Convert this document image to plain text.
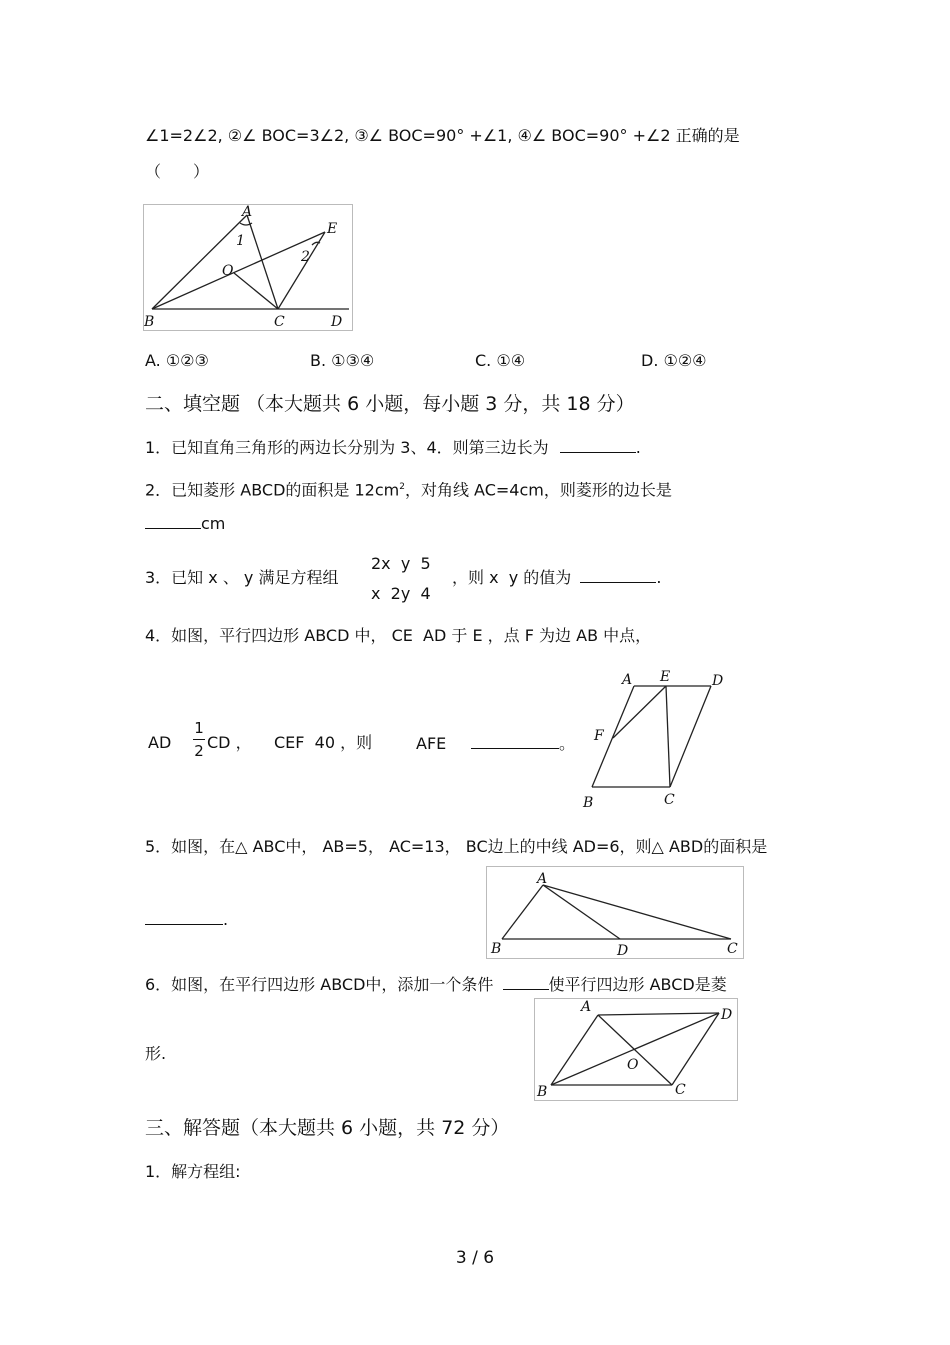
∠1=2∠2, ②∠ BOC=3∠2, ③∠ BOC=90° +∠1, ④∠ BOC=90° +∠2 正确的是
（　　）
A
E
O
1
2
B	C	D
A. ①②③	B. ①③④	C. ①④	D. ①②④
二、填空题 （本大题共 6 小题，每小题 3 分，共 18 分）
1．已知直角三角形的两边长分别为 3、4．则第三边长为	.
2．已知菱形 ABCD的面积是 $12cm^2$，对角线 AC=4cm，则菱形的边长是
cm
3．已知 x 、 y 满足方程组
2x  y  5
x  2y  4
，则 x  y 的值为	.
4．如图，平行四边形 ABCD 中， CE  AD 于 E ，点 F 为边 AB 中点，
AD
1
2 CD ， CEF  40 ，则	AFE	。
A E	D
F
B	C
5．如图，在△ ABC中， AB=5， AC=13， BC边上的中线 AD=6，则△ ABD的面积是
.
A
B	D	C
6．如图，在平行四边形 ABCD中，添加一个条件	使平行四边形 ABCD是菱
形.
A	D
O
B	C
三、解答题（本大题共 6 小题，共 72 分）
1．解方程组:
3 / 6
